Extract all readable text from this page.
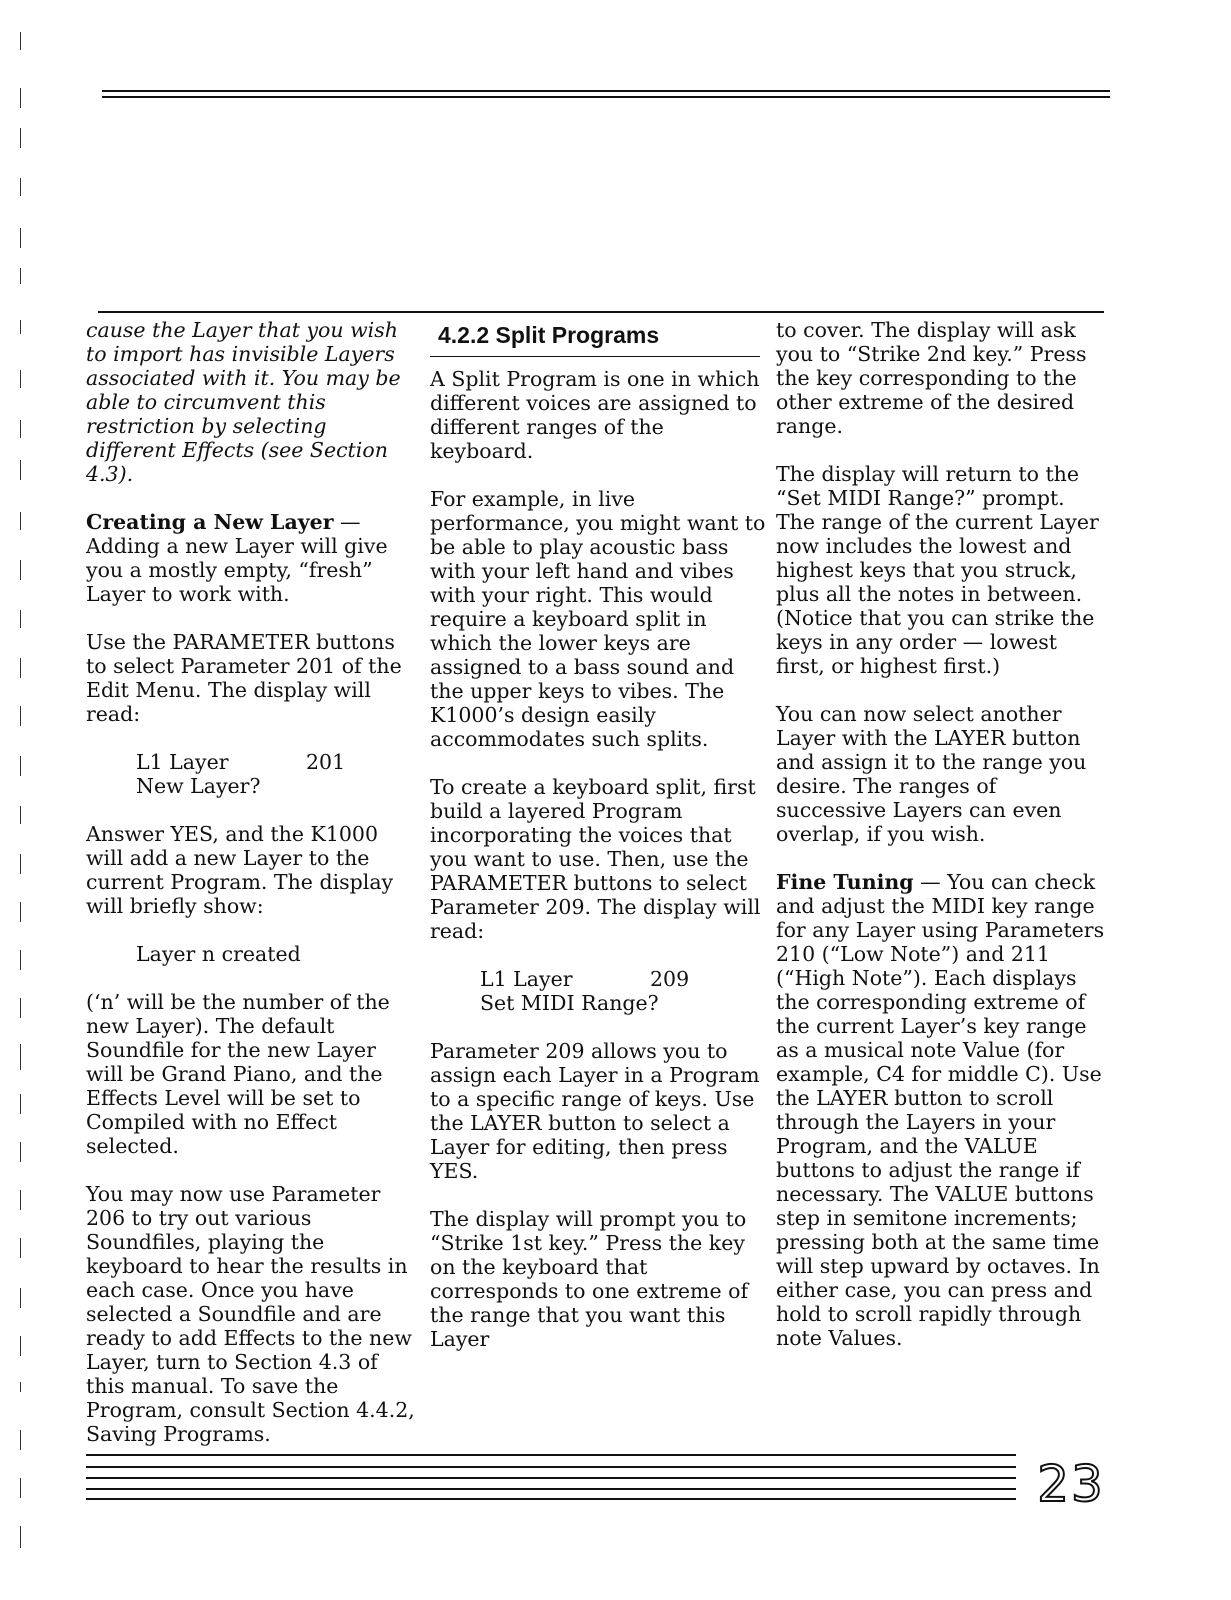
cause the Layer that you wish to import has invisible Layers associated with it. You may be able to circumvent this restriction by selecting different Effects (see Section 4.3).

Creating a New Layer — Adding a new Layer will give you a mostly empty, “fresh” Layer to work with.

Use the PARAMETER buttons to select Parameter 201 of the Edit Menu. The display will read:

L1 Layer	201
New Layer?

Answer YES, and the K1000 will add a new Layer to the current Program. The display will briefly show:

Layer n created

(‘n’ will be the number of the new Layer). The default Soundfile for the new Layer will be Grand Piano, and the Effects Level will be set to Compiled with no Effect selected.

You may now use Parameter 206 to try out various Soundfiles, playing the keyboard to hear the results in each case. Once you have selected a Soundfile and are ready to add Effects to the new Layer, turn to Section 4.3 of this manual. To save the Program, consult Section 4.4.2, Saving Programs.

4.2.2 Split Programs

A Split Program is one in which different voices are assigned to different ranges of the keyboard.

For example, in live performance, you might want to be able to play acoustic bass with your left hand and vibes with your right. This would require a keyboard split in which the lower keys are assigned to a bass sound and the upper keys to vibes. The K1000’s design easily accommodates such splits.

To create a keyboard split, first build a layered Program incorporating the voices that you want to use. Then, use the PARAMETER buttons to select Parameter 209. The display will read:

L1 Layer	209
Set MIDI Range?

Parameter 209 allows you to assign each Layer in a Program to a specific range of keys. Use the LAYER button to select a Layer for editing, then press YES.

The display will prompt you to “Strike 1st key.” Press the key on the keyboard that corresponds to one extreme of the range that you want this Layer

to cover. The display will ask you to “Strike 2nd key.” Press the key corresponding to the other extreme of the desired range.

The display will return to the “Set MIDI Range?” prompt. The range of the current Layer now includes the lowest and highest keys that you struck, plus all the notes in between. (Notice that you can strike the keys in any order — lowest first, or highest first.)

You can now select another Layer with the LAYER button and assign it to the range you desire. The ranges of successive Layers can even overlap, if you wish.

Fine Tuning — You can check and adjust the MIDI key range for any Layer using Parameters 210 (“Low Note”) and 211 (“High Note”). Each displays the corresponding extreme of the current Layer’s key range as a musical note Value (for example, C4 for middle C). Use the LAYER button to scroll through the Layers in your Program, and the VALUE buttons to adjust the range if necessary. The VALUE buttons step in semitone increments; pressing both at the same time will step upward by octaves. In either case, you can press and hold to scroll rapidly through note Values.

23
